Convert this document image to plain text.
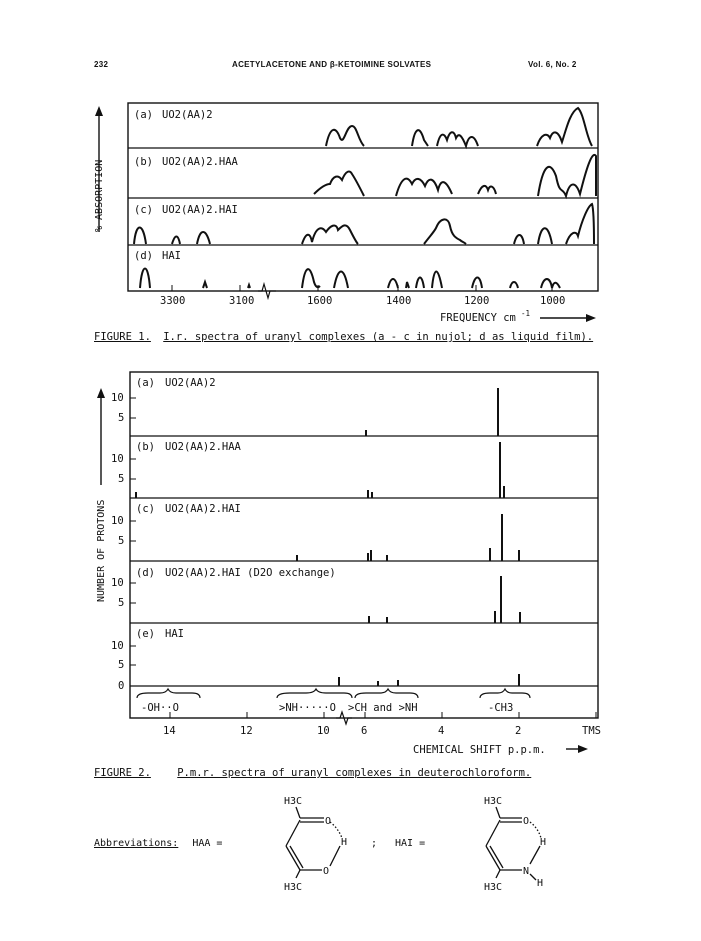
232	ACETYLACETONE AND β-KETOIMINE SOLVATES	Vol. 6, No. 2
% ABSORPTION
(a) UO2(AA)2
(b) UO2(AA)2.HAA
(c) UO2(AA)2.HAI
(d) HAI
3300	3100	1600	1400	1200	1000
FREQUENCY cm -1
FIGURE 1. I.r. spectra of uranyl complexes (a - c in nujol; d as liquid film).
NUMBER OF PROTONS
(a) UO2(AA)2
10
5
(b) UO2(AA)2.HAA
10
5
(c) UO2(AA)2.HAI
10
5
(d) UO2(AA)2.HAI (D2O exchange)
10
5
(e) HAI
10
5
0
-OH··O	>NH·····O >CH and >NH	-CH3
14	12	10	6	4	2	TMS
CHEMICAL SHIFT p.p.m.
FIGURE 2.	P.m.r. spectra of uranyl complexes in deuterochloroform.
Abbreviations: HAA =	; HAI =
H3C
O
H
O
H3C
H3C
O
H
N
H
H3C
